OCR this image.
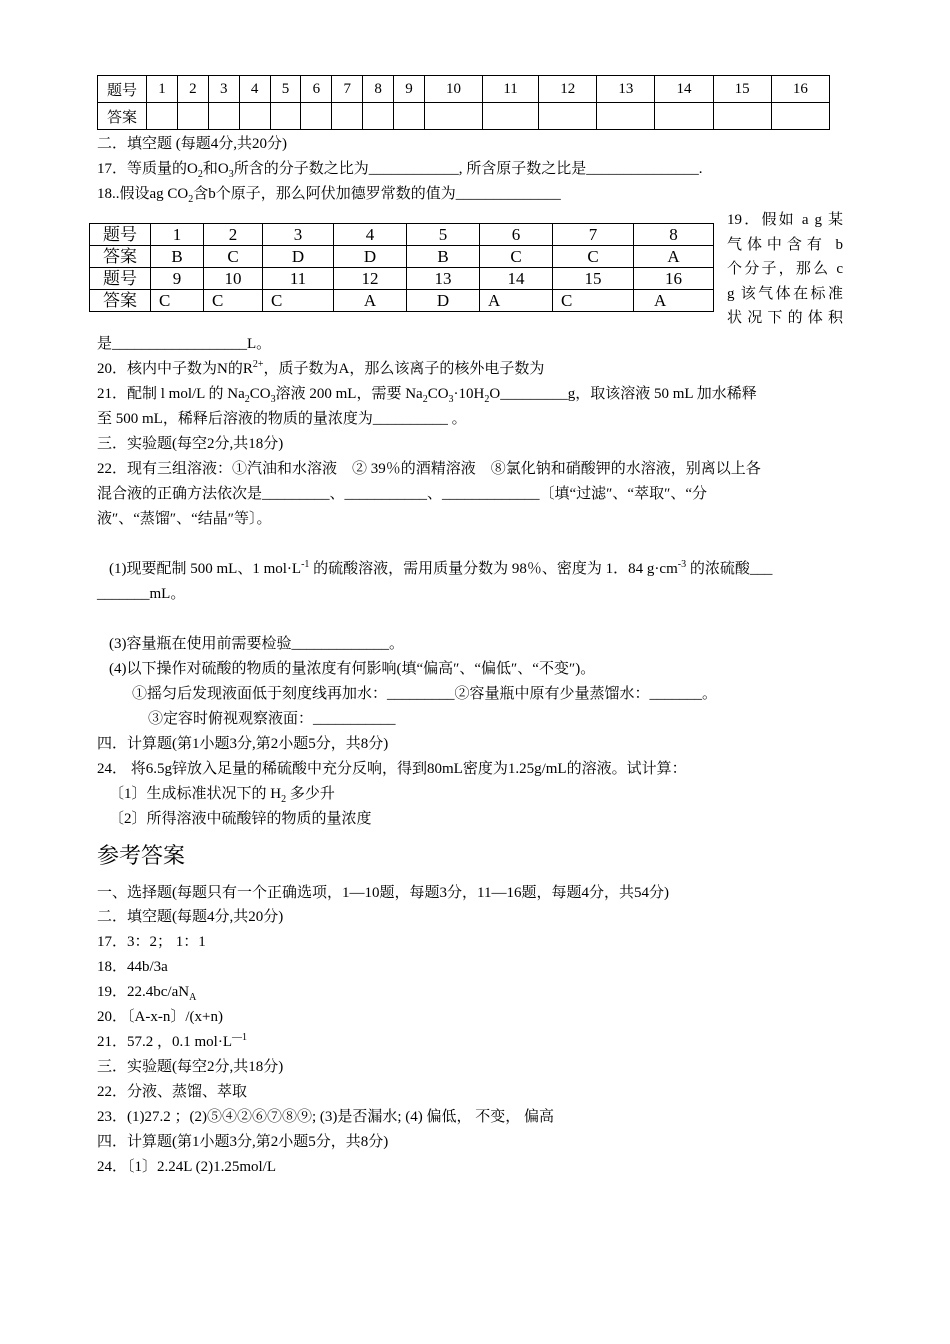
题号	1	2	3	4	5	6	7	8	9	10	11	12	13	14	15	16
答案																
二．填空题 (每题4分,共20分)
17．等质量的$O_2$和$O_3$所含的分子数之比为____________, 所含原子数之比是_______________.
18..假设ag $CO_2$含b个原子，那么阿伏加德罗常数的值为______________
题号	1	2	3	4	5	6	7	8
答案	B	C	D	D	B	C	C	A
题号	9	10	11	12	13	14	15	16
答案	C	C	C	A	D	A	C	A
19．假如 a g 某
气体中含有 b
个分子，那么 c
g 该气体在标准
状况下的体积
是__________________L。
20．核内中子数为N的$R^{2+}$，质子数为A，那么该离子的核外电子数为
21．配制 l mol/L 的 $Na_2CO_3$溶液 200 mL，需要 $Na_2CO_3\cdot 10H_2O\_\_\_\_\_\_\_\_\_g$，取该溶液 50 mL 加水稀释
至 500 mL，稀释后溶液的物质的量浓度为__________ 。
三．实验题(每空2分,共18分)
22．现有三组溶液：①汽油和水溶液　② 39％的酒精溶液　⑧氯化钠和硝酸钾的水溶液，别离以上各
混合液的正确方法依次是_________、___________、_____________〔填“过滤″、“萃取″、“分
液″、“蒸馏″、“结晶″等〕。
(1)现要配制 500 mL、1 $mol\cdot L^{-1}$ 的硫酸溶液，需用质量分数为 98％、密度为 1．84 $g\cdot cm^{-3}$ 的浓硫酸___
_______mL。
(3)容量瓶在使用前需要检验_____________。
(4)以下操作对硫酸的物质的量浓度有何影响(填“偏高″、“偏低″、“不变″)。
①摇匀后发现液面低于刻度线再加水：_________②容量瓶中原有少量蒸馏水：_______。
③定容时俯视观察液面：___________
四．计算题(第1小题3分,第2小题5分，共8分)
24． 将6.5g锌放入足量的稀硫酸中充分反响，得到80mL密度为1.25g/mL的溶液。试计算：
〔1〕生成标准状况下的 $H_2$ 多少升
〔2〕所得溶液中硫酸锌的物质的量浓度
参考答案
一、选择题(每题只有一个正确选项，1—10题，每题3分，11—16题，每题4分，共54分)
二．填空题(每题4分,共20分)
17．3：2； 1：1
18．44b/3a
19．$22.4bc/aN_A$
20．〔A-x-n〕/(x+n)
21．57.2 ，0.1 $mol\cdot L^{—1}$
三．实验题(每空2分,共18分)
22．分液、蒸馏、萃取
23．(1)27.2 ；(2)⑤④②⑥⑦⑧⑨; (3)是否漏水; (4) 偏低， 不变， 偏高
四．计算题(第1小题3分,第2小题5分，共8分)
24．〔1〕2.24L (2)1.25mol/L
